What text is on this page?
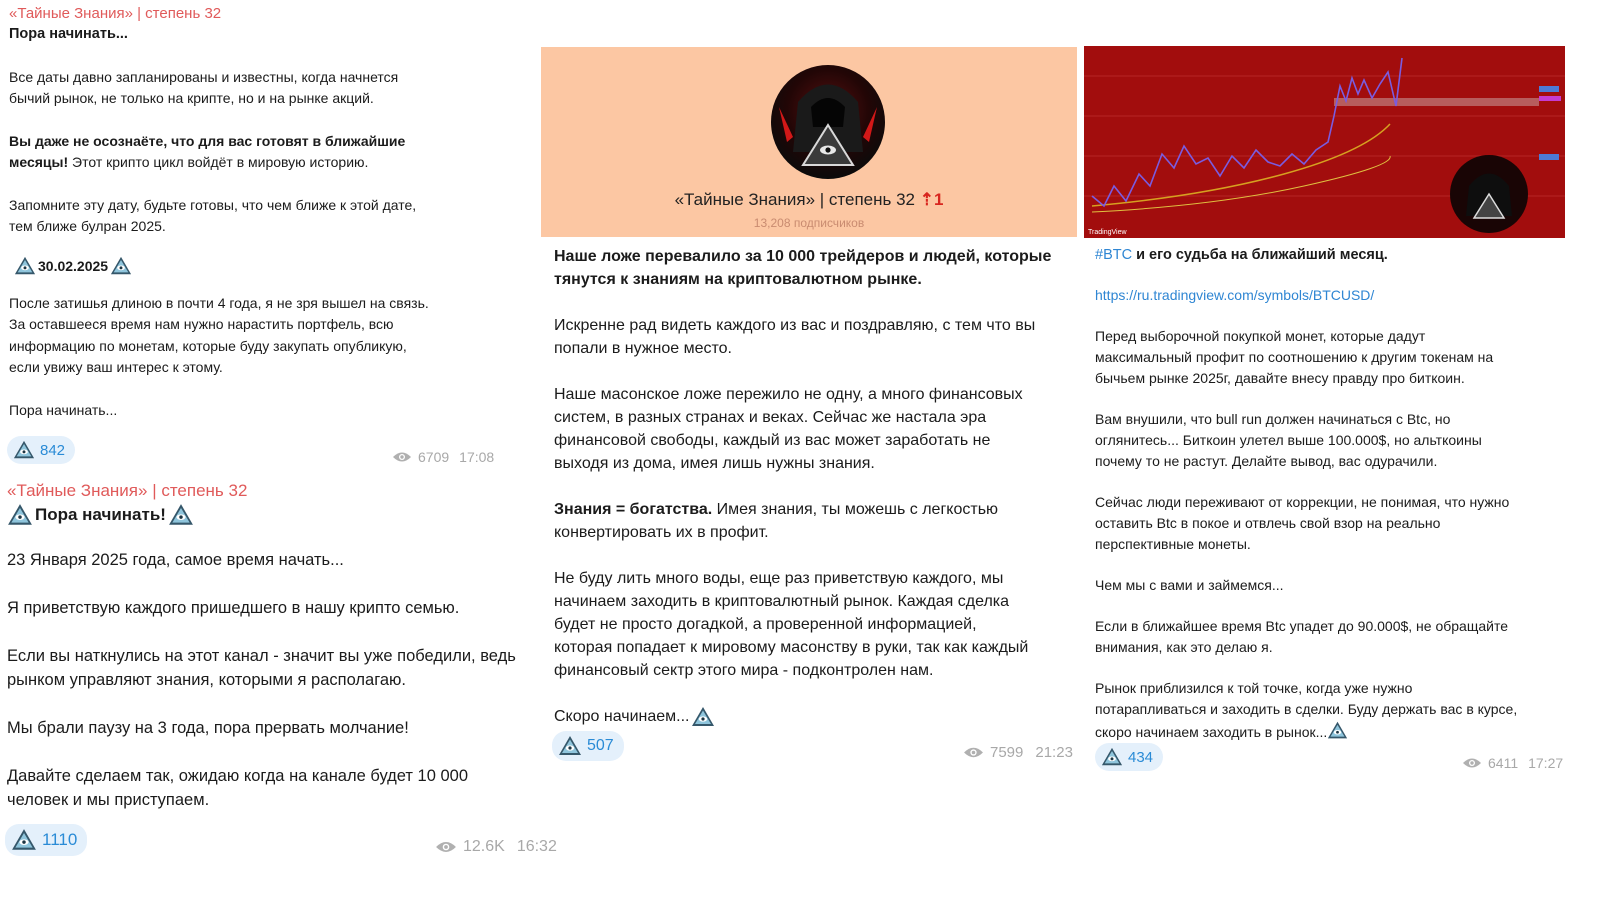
«Тайные Знания» | степень 32

Пора начинать...

Все даты давно запланированы и известны, когда начнется
бычий рынок, не только на крипте, но и на рынке акций.

Вы даже не осознаёте, что для вас готовят в ближайшие
месяцы! Этот крипто цикл войдёт в мировую историю.

Запомните эту дату, будьте готовы, что чем ближе к этой дате,
тем ближе булран 2025.

30.02.2025

После затишья длиною в почти 4 года, я не зря вышел на связь.
За оставшееся время нам нужно нарастить портфель, всю
информацию по монетам, которые буду закупать опубликую,
если увижу ваш интерес к этому.

Пора начинать...

842	6709 17:08
«Тайные Знания» | степень 32
Пора начинать!

23 Января 2025 года, самое время начать...

Я приветствую каждого пришедшего в нашу крипто семью.

Если вы наткнулись на этот канал - значит вы уже победили, ведь
рынком управляют знания, которыми я располагаю.

Мы брали паузу на 3 года, пора прервать молчание!

Давайте сделаем так, ожидаю когда на канале будет 10 000
человек и мы приступаем.

1110	12.6K 16:32
«Тайные Знания» | степень 32 ⇡1
13,208 подписчиков

Наше ложе перевалило за 10 000 трейдеров и людей, которые
тянутся к знаниям на криптовалютном рынке.

Искренне рад видеть каждого из вас и поздравляю, с тем что вы
попали в нужное место.

Наше масонское ложе пережило не одну, а много финансовых
систем, в разных странах и веках. Сейчас же настала эра
финансовой свободы, каждый из вас может заработать не
выходя из дома, имея лишь нужны знания.

Знания = богатства. Имея знания, ты можешь с легкостью
конвертировать их в профит.

Не буду лить много воды, еще раз приветствую каждого, мы
начинаем заходить в криптовалютный рынок. Каждая сделка
будет не просто догадкой, а проверенной информацией,
которая попадает к мировому масонству в руки, так как каждый
финансовый сектр этого мира - подконтролен нам.

Скоро начинаем...
507	7599 21:23
TradingView

#BTC и его судьба на ближайший месяц.

https://ru.tradingview.com/symbols/BTCUSD/

Перед выборочной покупкой монет, которые дадут
максимальный профит по соотношению к другим токенам на
бычьем рынке 2025г, давайте внесу правду про биткоин.

Вам внушили, что bull run должен начинаться с Btc, но
оглянитесь... Биткоин улетел выше 100.000$, но альткоины
почему то не растут. Делайте вывод, вас одурачили.

Сейчас люди переживают от коррекции, не понимая, что нужно
оставить Btc в покое и отвлечь свой взор на реально
перспективные монеты.

Чем мы с вами и займемся...

Если в ближайшее время Btc упадет до 90.000$, не обращайте
внимания, как это делаю я.

Рынок приблизился к той точке, когда уже нужно
потарапливаться и заходить в сделки. Буду держать вас в курсе,
скоро начинаем заходить в рынок...

434	6411 17:27
